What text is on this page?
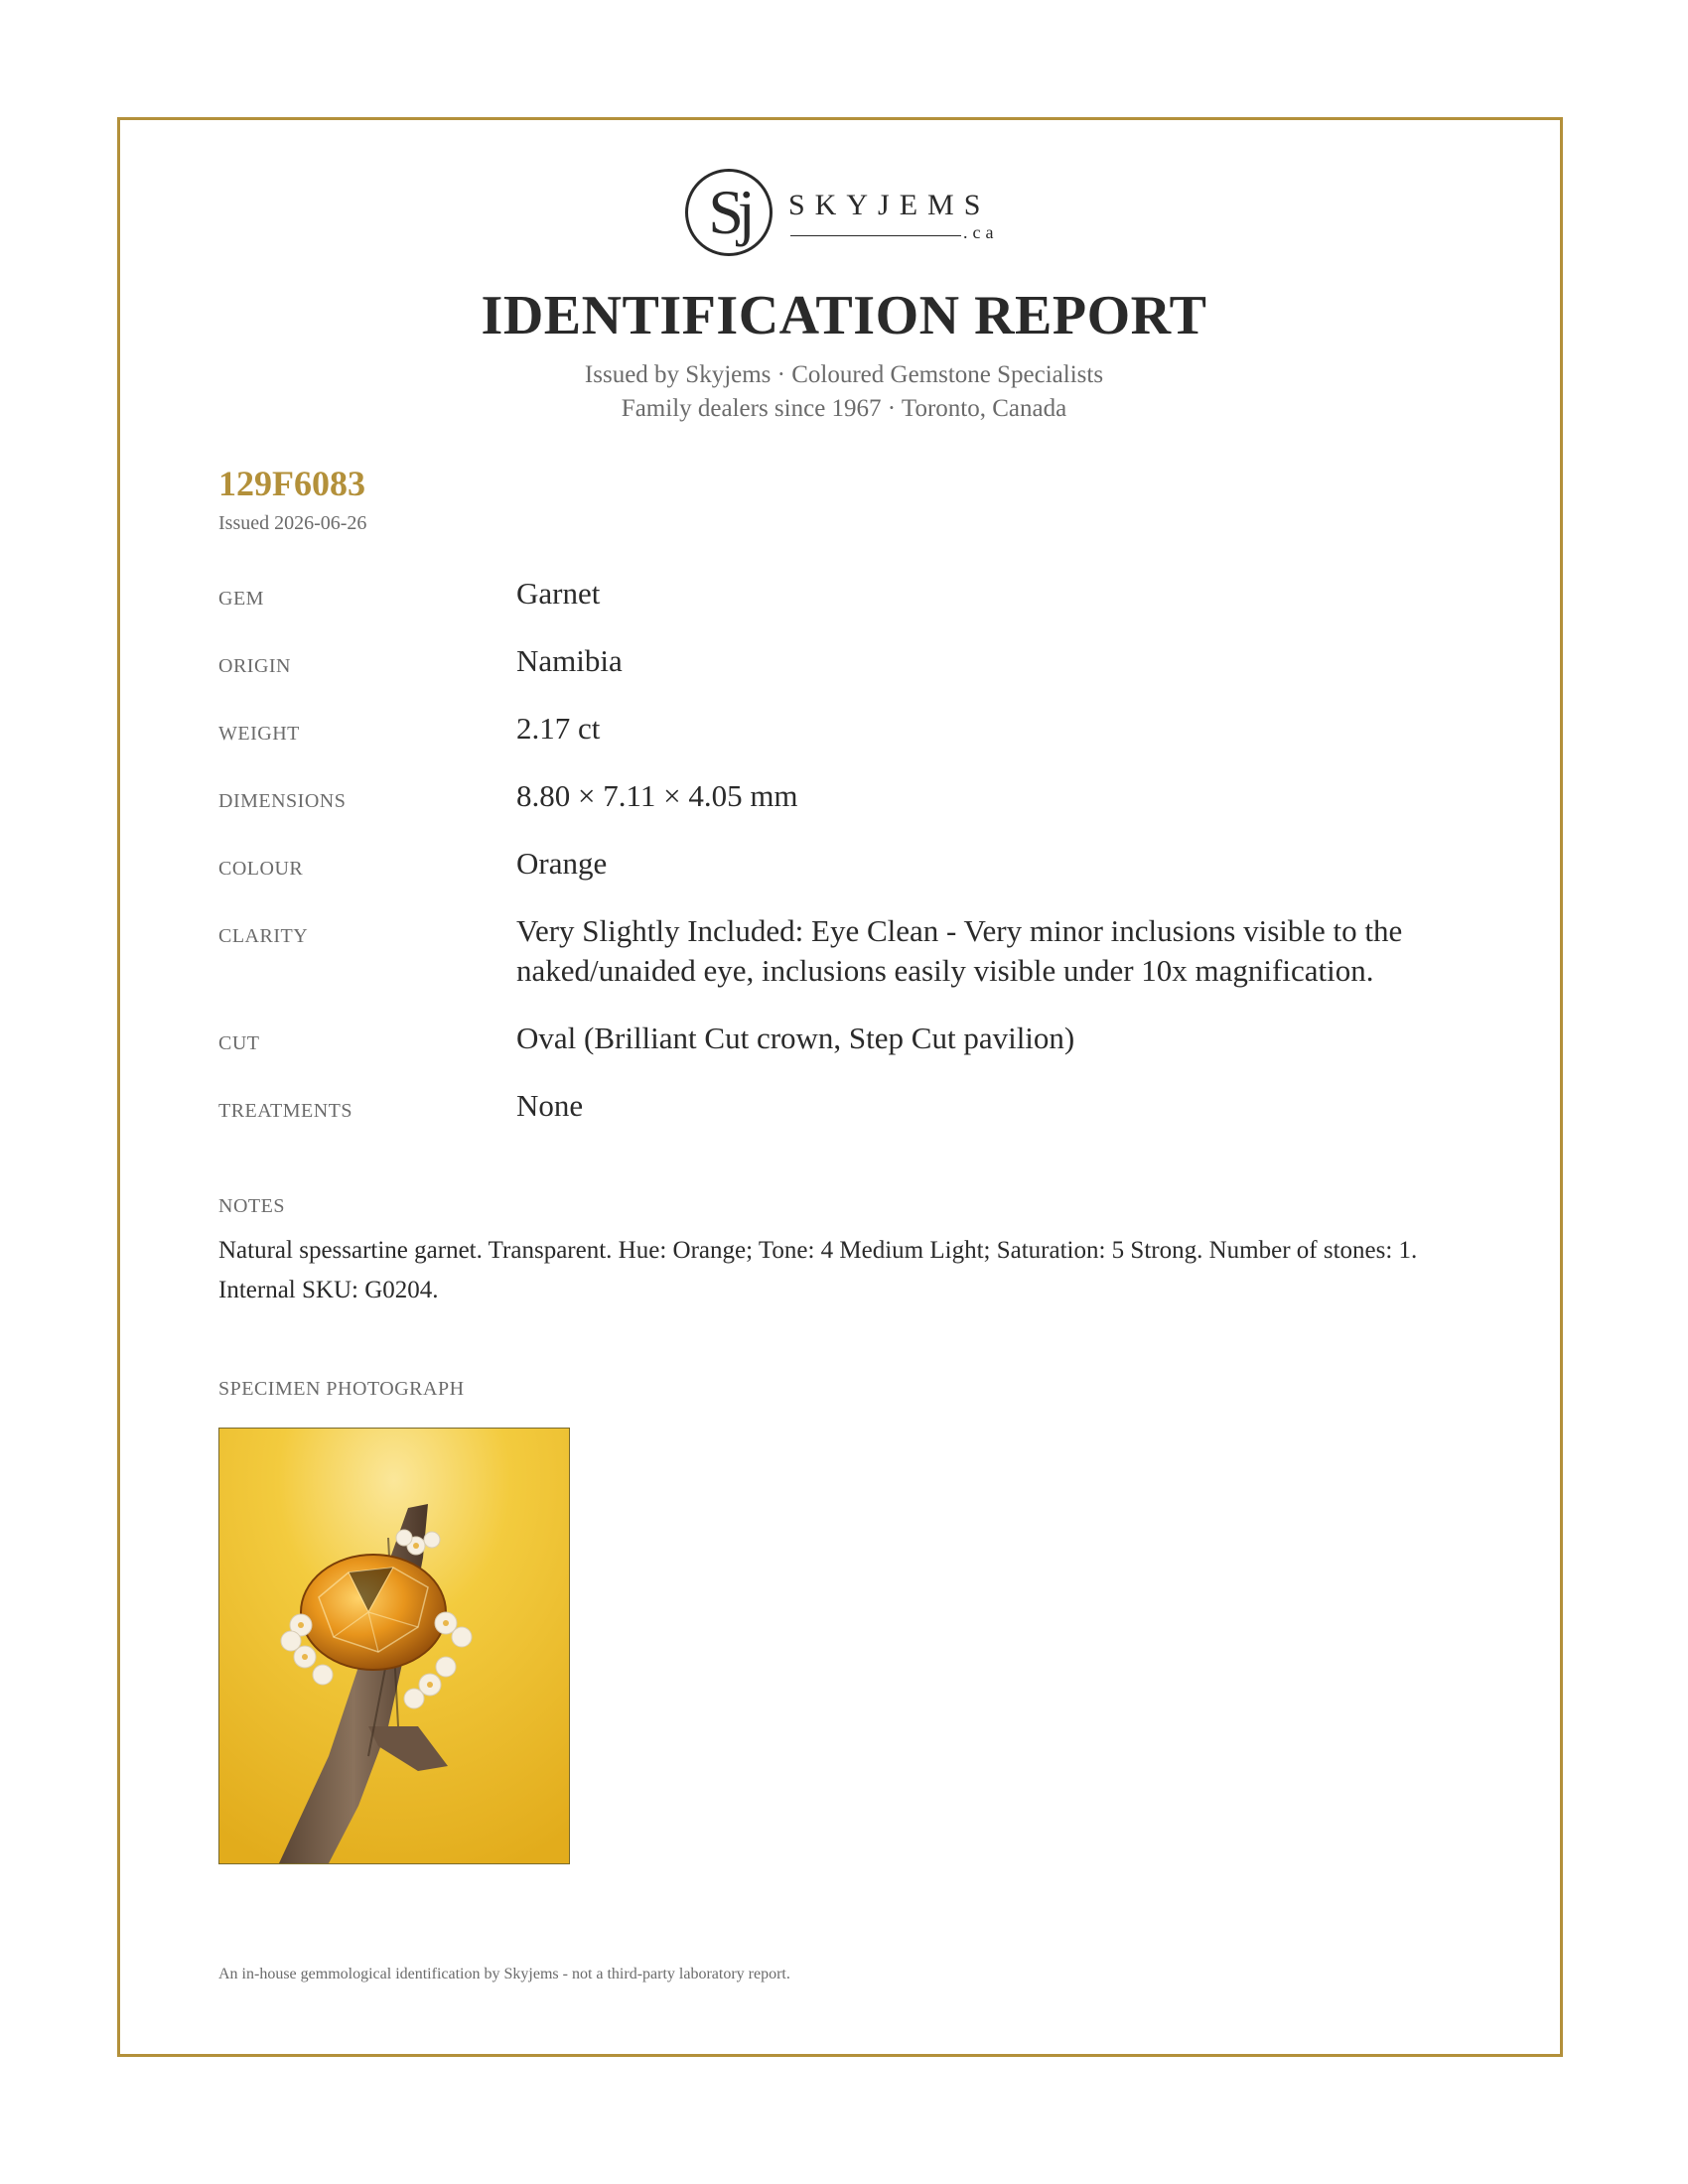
Sj	SKYJEMS
.ca
IDENTIFICATION REPORT
Issued by Skyjems · Coloured Gemstone Specialists
Family dealers since 1967 · Toronto, Canada
129F6083
Issued 2026-06-26
GEM	Garnet
ORIGIN	Namibia
WEIGHT	2.17 ct
DIMENSIONS	8.80 × 7.11 × 4.05 mm
COLOUR	Orange
CLARITY	Very Slightly Included: Eye Clean - Very minor inclusions visible to the naked/unaided eye, inclusions easily visible under 10x magnification.
CUT	Oval (Brilliant Cut crown, Step Cut pavilion)
TREATMENTS	None
NOTES
Natural spessartine garnet. Transparent. Hue: Orange; Tone: 4 Medium Light; Saturation: 5 Strong. Number of stones: 1. Internal SKU: G0204.
SPECIMEN PHOTOGRAPH
An in-house gemmological identification by Skyjems - not a third-party laboratory report.
